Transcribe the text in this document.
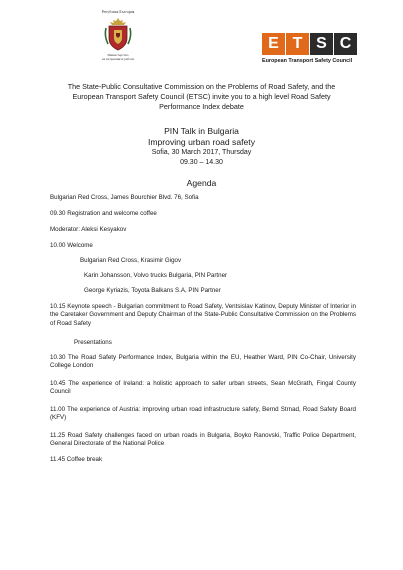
Република България
Министерство
на вътрешните работи
E T S C
European Transport Safety Council
The State-Public Consultative Commission on the Problems of Road Safety, and the
European Transport Safety Council (ETSC) invite you to a high level Road Safety
Performance Index debate
PIN Talk in Bulgaria
Improving urban road safety
Sofia, 30 March 2017, Thursday
09.30 – 14.30
Agenda
Bulgarian Red Cross, James Bourchier Blvd. 76, Sofia
09.30 Registration and welcome coffee
Moderator: Aleksi Kesyakov
10.00 Welcome
Bulgarian Red Cross, Krasimir Gigov
Karin Johansson, Volvo trucks Bulgaria, PIN Partner
George Kyriazis, Toyota Balkans S.A, PIN Partner
10.15 Keynote speech - Bulgarian commitment to Road Safety, Ventsislav Katinov, Deputy Minister of Interior in the Caretaker Government and Deputy Chairman of the State-Public Consultative Commission on the Problems of Road Safety
Presentations
10.30 The Road Safety Performance Index, Bulgaria within the EU, Heather Ward, PIN Co-Chair, University College London
10.45 The experience of Ireland: a holistic approach to safer urban streets, Sean McGrath, Fingal County Council
11.00 The experience of Austria: improving urban road infrastructure safety, Bernd Strnad, Road Safety Board (KFV)
11.25 Road Safety challenges faced on urban roads in Bulgaria, Boyko Ranovski, Traffic Police Department, General Directorate of the National Police
11.45 Coffee break
